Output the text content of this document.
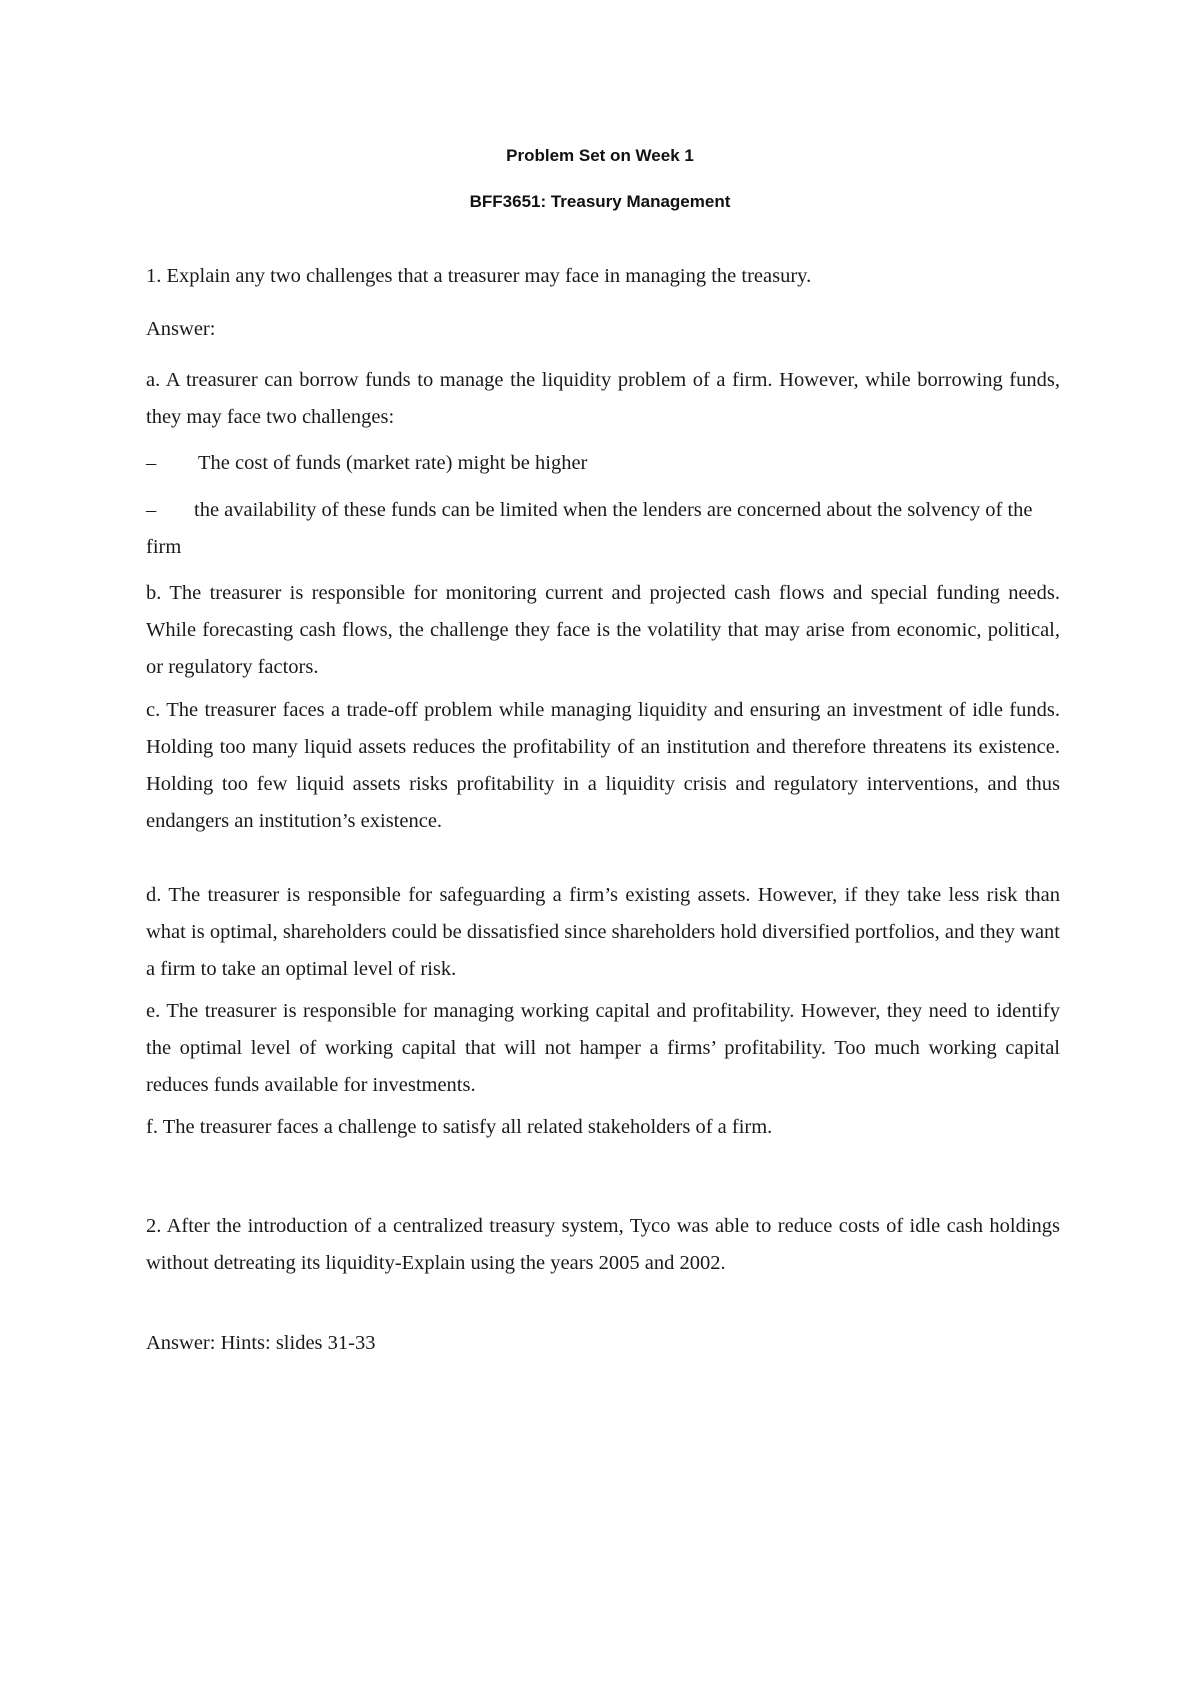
Problem Set on Week 1

BFF3651: Treasury Management

1. Explain any two challenges that a treasurer may face in managing the treasury.

Answer:

a. A treasurer can borrow funds to manage the liquidity problem of a firm. However, while borrowing funds, they may face two challenges:

– The cost of funds (market rate) might be higher

– the availability of these funds can be limited when the lenders are concerned about the solvency of the firm

b. The treasurer is responsible for monitoring current and projected cash flows and special funding needs. While forecasting cash flows, the challenge they face is the volatility that may arise from economic, political, or regulatory factors.

c. The treasurer faces a trade-off problem while managing liquidity and ensuring an investment of idle funds. Holding too many liquid assets reduces the profitability of an institution and therefore threatens its existence. Holding too few liquid assets risks profitability in a liquidity crisis and regulatory interventions, and thus endangers an institution’s existence.

d. The treasurer is responsible for safeguarding a firm’s existing assets. However, if they take less risk than what is optimal, shareholders could be dissatisfied since shareholders hold diversified portfolios, and they want a firm to take an optimal level of risk.

e. The treasurer is responsible for managing working capital and profitability. However, they need to identify the optimal level of working capital that will not hamper a firms’ profitability. Too much working capital reduces funds available for investments.

f. The treasurer faces a challenge to satisfy all related stakeholders of a firm.

2. After the introduction of a centralized treasury system, Tyco was able to reduce costs of idle cash holdings without detreating its liquidity-Explain using the years 2005 and 2002.

Answer: Hints: slides 31-33
